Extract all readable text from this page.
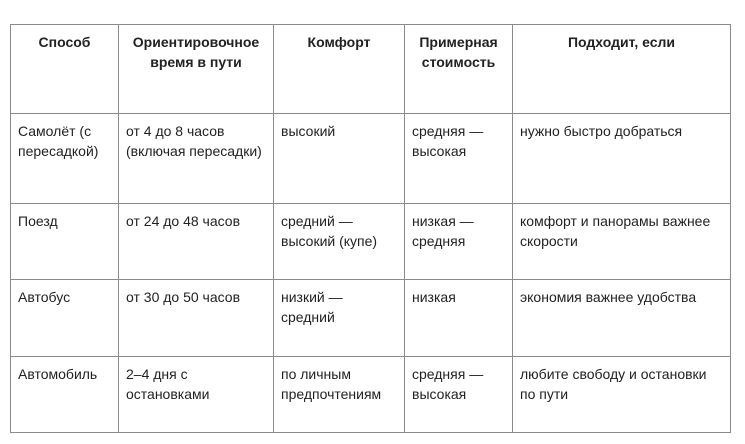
Способ	Ориентировочное время в пути	Комфорт	Примерная стоимость	Подходит, если
Самолёт (с пересадкой)	от 4 до 8 часов (включая пересадки)	высокий	средняя — высокая	нужно быстро добраться
Поезд	от 24 до 48 часов	средний — высокий (купе)	низкая — средняя	комфорт и панорамы важнее скорости
Автобус	от 30 до 50 часов	низкий — средний	низкая	экономия важнее удобства
Автомобиль	2–4 дня с остановками	по личным предпочтениям	средняя — высокая	любите свободу и остановки по пути
